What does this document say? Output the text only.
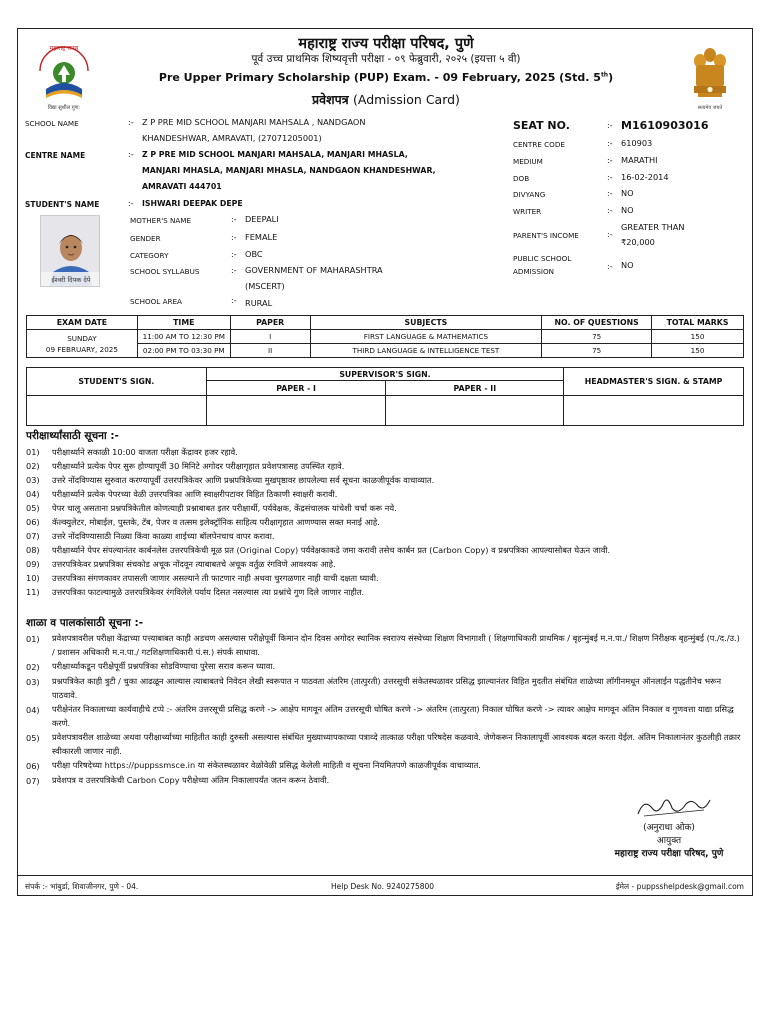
महाराष्ट्र राज्य
विद्या सुशील गुण:	सत्यमेव जयते
महाराष्ट्र राज्य परीक्षा परिषद, पुणे
पूर्व उच्च प्राथमिक शिष्यवृत्ती परीक्षा - ०९ फेब्रुवारी, २०२५ (इयत्ता ५ वी)
Pre Upper Primary Scholarship (PUP) Exam. - 09 February, 2025 (Std. 5th)
प्रवेशपत्र (Admission Card)
SCHOOL NAME	:- Z P PRE MID SCHOOL MANJARI MAHSALA , NANDGAON
KHANDESHWAR, AMRAVATI, (27071205001)
CENTRE NAME	:- Z P PRE MID SCHOOL MANJARI MAHSALA, MANJARI MHASLA,
MANJARI MHASLA, MANJARI MHASLA, NANDGAON KHANDESHWAR,
AMRAVATI 444701
STUDENT'S NAME	:- ISHWARI DEEPAK DEPE
ईश्वरी दिपक देपे
MOTHER'S NAME	:- DEEPALI
GENDER	:- FEMALE
CATEGORY	:- OBC
SCHOOL SYLLABUS	:- GOVERNMENT OF MAHARASHTRA
(MSCERT)
SCHOOL AREA	:- RURAL
SEAT NO.	:- M1610903016
CENTRE CODE	:- 610903
MEDIUM	:- MARATHI
DOB	:- 16-02-2014
DIVYANG	:- NO
WRITER	:- NO
PARENT'S INCOME	:-
GREATER THAN
₹20,000
PUBLIC SCHOOL
ADMISSION
:- NO
EXAM DATE	TIME	PAPER	SUBJECTS	NO. OF QUESTIONS	TOTAL MARKS
SUNDAY
09 FEBRUARY, 2025	11:00 AM TO 12:30 PM	I	FIRST LANGUAGE & MATHEMATICS	75	150
	02:00 PM TO 03:30 PM	II	THIRD LANGUAGE & INTELLIGENCE TEST	75	150
STUDENT'S SIGN.	SUPERVISOR'S SIGN.		HEADMASTER'S SIGN. & STAMP
	PAPER - I	PAPER - II	

परीक्षार्थ्यांसाठी सूचना :-
01)	परीक्षार्थ्याने सकाळी 10:00 वाजता परीक्षा केंद्रावर हजर रहावे.
02)	परीक्षार्थ्याने प्रत्येक पेपर सुरू होण्यापूर्वी 30 मिनिटे अगोदर परीक्षागृहात प्रवेशपत्रासह उपस्थित रहावे.
03)	उत्तरे नोंदविण्यास सुरुवात करण्यापूर्वी उत्तरपत्रिकेवर आणि प्रश्नपत्रिकेच्या मुखपृष्ठावर छापलेल्या सर्व सूचना काळजीपूर्वक वाचाव्यात.
04)	परीक्षार्थ्याने प्रत्येक पेपरच्या वेळी उत्तरपत्रिका आणि स्वाक्षरीपटावर विहित ठिकाणी स्वाक्षरी करावी.
05)	पेपर चालू असताना प्रश्नपत्रिकेतील कोणत्याही प्रश्नाबाबत इतर परीक्षार्थी, पर्यवेक्षक, केंद्रसंचालक यांचेशी चर्चा करू नये.
06)	कॅल्क्युलेटर, मोबाईल, पुस्तके, टॅब, पेजर व तत्सम इलेक्ट्रॉनिक साहित्य परीक्षागृहात आणण्यास सक्त मनाई आहे.
07)	उत्तरे नोंदविण्यासाठी निळ्या किंवा काळ्या शाईच्या बॉलपेनचाच वापर करावा.
08)	परीक्षार्थ्याने पेपर संपल्यानंतर कार्बनलेस उत्तरपत्रिकेची मूळ प्रत (Original Copy) पर्यवेक्षकाकडे जमा करावी तसेच कार्बन प्रत (Carbon Copy) व प्रश्नपत्रिका आपल्यासोबत घेऊन जावी.
09)	उत्तरपत्रिकेवर प्रश्नपत्रिका संचकोड अचूक नोंदवून त्याबाबतचे अचूक वर्तुळ रंगविणे आवश्यक आहे.
10)	उत्तरपत्रिका संगणकावर तपासली जाणार असल्याने ती फाटणार नाही अथवा चुरगळणार नाही याची दक्षता घ्यावी.
11)	उत्तरपत्रिका फाटल्यामुळे उत्तरपत्रिकेवर रंगविलेले पर्याय दिसत नसल्यास त्या प्रश्नांचे गुण दिले जाणार नाहीत.
शाळा व पालकांसाठी सूचना :-
01)	प्रवेशपत्रावरील परीक्षा केंद्राच्या पत्त्याबाबत काही अडचण असल्यास परीक्षेपूर्वी किमान दोन दिवस अगोदर स्थानिक स्वराज्य संस्थेच्या शिक्षण विभागाशी ( शिक्षणाधिकारी प्राथमिक / बृहन्मुंबई म.न.पा./ शिक्षण निरीक्षक बृहन्मुंबई (प./द./उ.) / प्रशासन अधिकारी म.न.पा./ गटशिक्षणाधिकारी पं.स.) संपर्क साधावा.
02)	परीक्षार्थ्याकडून परीक्षेपूर्वी प्रश्नपत्रिका सोडविण्याचा पुरेसा सराव करून घ्यावा.
03)	प्रश्नपत्रिकेत काही त्रुटी / चुका आढळून आल्यास त्याबाबतचे निवेदन लेखी स्वरूपात न पाठवता अंतरिम (तात्पुरती) उत्तरसूची संकेतस्थळावर प्रसिद्ध झाल्यानंतर विहित मुदतीत संबंधित शाळेच्या लॉगीनमधून ऑनलाईन पद्धतीनेच भरून पाठवावे.
04)	परीक्षेनंतर निकालाच्या कार्यवाहीचे टप्पे :- अंतरिम उत्तरसूची प्रसिद्ध करणे -> आक्षेप मागवून अंतिम उत्तरसूची घोषित करणे -> अंतरिम (तात्पुरता) निकाल घोषित करणे -> त्यावर आक्षेप मागवून अंतिम निकाल व गुणवत्ता याद्या प्रसिद्ध करणे.
05)	प्रवेशपत्रावरील शाळेच्या अथवा परीक्षार्थ्याच्या माहितीत काही दुरुस्ती असल्यास संबंधित मुख्याध्यापकाच्या पत्राव्दे तात्काळ परीक्षा परिषदेस कळवावे. जेणेकरून निकालापूर्वी आवश्यक बदल करता येईल. अंतिम निकालानंतर कुठलीही तक्रार स्वीकारली जाणार नाही.
06)	परीक्षा परिषदेच्या https://puppssmsce.in या संकेतस्थळावर वेळोवेळी प्रसिद्ध केलेली माहिती व सूचना नियमितपणे काळजीपूर्वक वाचाव्यात.
07)	प्रवेशपत्र व उत्तरपत्रिकेची Carbon Copy परीक्षेच्या अंतिम निकालापर्यंत जतन करून ठेवावी.
(अनुराधा ओक)
आयुक्त
महाराष्ट्र राज्य परीक्षा परिषद, पुणे
संपर्क :- भांबुर्डा, शिवाजीनगर, पुणे - 04.	Help Desk No. 9240275800	ईमेल - puppsshelpdesk@gmail.com
